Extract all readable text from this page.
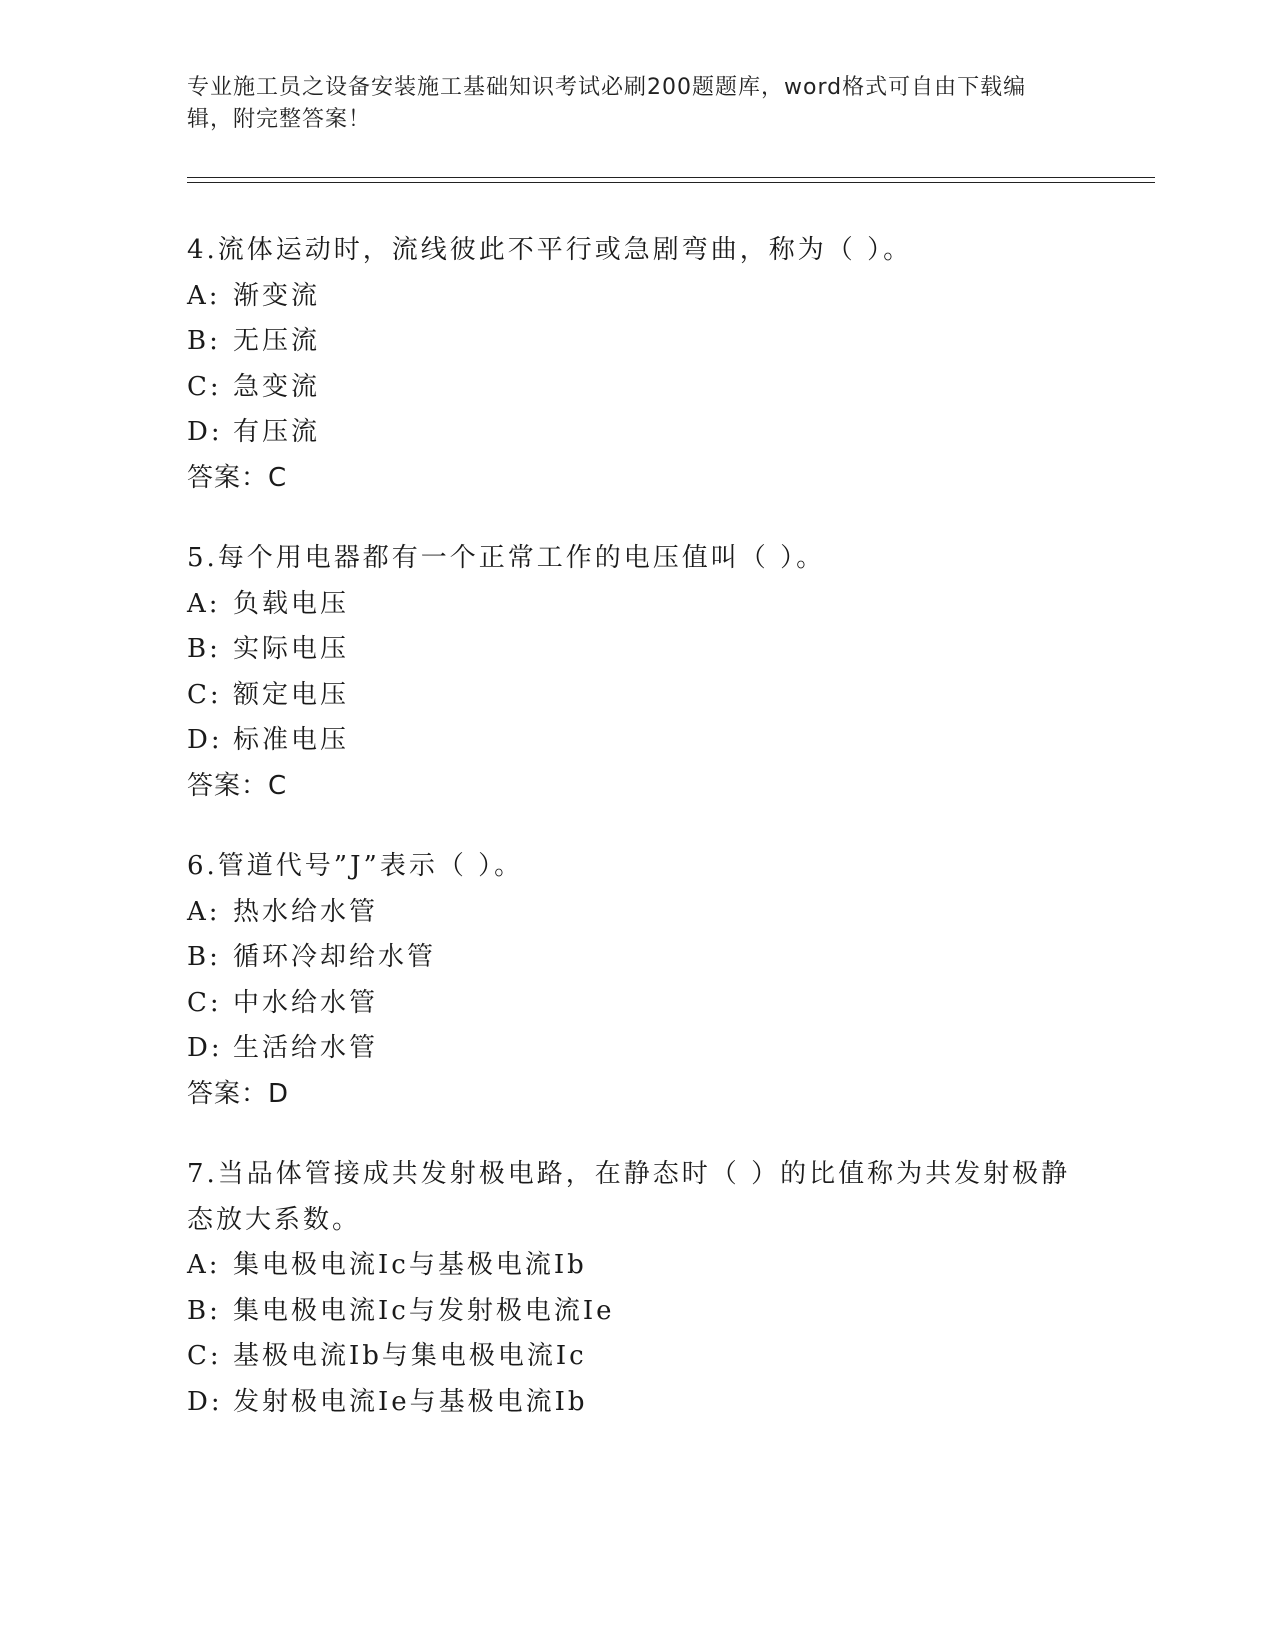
专业施工员之设备安装施工基础知识考试必刷200题题库，word格式可自由下载编辑，附完整答案！
4.流体运动时，流线彼此不平行或急剧弯曲，称为（ ）。
A: 渐变流
B: 无压流
C: 急变流
D: 有压流
答案：C
5.每个用电器都有一个正常工作的电压值叫（ ）。
A: 负载电压
B: 实际电压
C: 额定电压
D: 标准电压
答案：C
6.管道代号”J”表示（ ）。
A: 热水给水管
B: 循环冷却给水管
C: 中水给水管
D: 生活给水管
答案：D
7.当品体管接成共发射极电路，在静态时（ ）的比值称为共发射极静态放大系数。
A: 集电极电流Ic与基极电流Ib
B: 集电极电流Ic与发射极电流Ie
C: 基极电流Ib与集电极电流Ic
D: 发射极电流Ie与基极电流Ib
